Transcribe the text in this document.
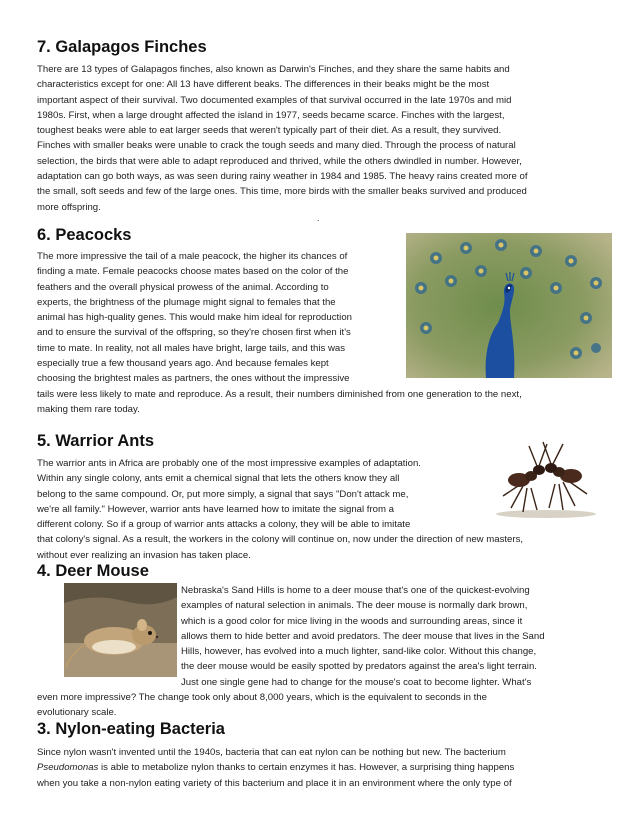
7. Galapagos Finches
There are 13 types of Galapagos finches, also known as Darwin's Finches, and they share the same habits and
characteristics except for one: All 13 have different beaks. The differences in their beaks might be the most
important aspect of their survival. Two documented examples of that survival occurred in the late 1970s and mid
1980s. First, when a large drought affected the island in 1977, seeds became scarce. Finches with the largest,
toughest beaks were able to eat larger seeds that weren't typically part of their diet. As a result, they survived.
Finches with smaller beaks were unable to crack the tough seeds and many died. Through the process of natural
selection, the birds that were able to adapt reproduced and thrived, while the others dwindled in number. However,
adaptation can go both ways, as was seen during rainy weather in 1984 and 1985. The heavy rains created more of
the small, soft seeds and few of the large ones. This time, more birds with the smaller beaks survived and produced
more offspring.
.
6. Peacocks
The more impressive the tail of a male peacock, the higher its chances of
finding a mate. Female peacocks choose mates based on the color of the
feathers and the overall physical prowess of the animal. According to
experts, the brightness of the plumage might signal to females that the
animal has high-quality genes. This would make him ideal for reproduction
and to ensure the survival of the offspring, so they're chosen first when it's
time to mate. In reality, not all males have bright, large tails, and this was
especially true a few thousand years ago. And because females kept
choosing the brightest males as partners, the ones without the impressive
tails were less likely to mate and reproduce. As a result, their numbers diminished from one generation to the next,
making them rare today.
5. Warrior Ants
The warrior ants in Africa are probably one of the most impressive examples of adaptation.
Within any single colony, ants emit a chemical signal that lets the others know they all
belong to the same compound. Or, put more simply, a signal that says "Don't attack me,
we're all family." However, warrior ants have learned how to imitate the signal from a
different colony. So if a group of warrior ants attacks a colony, they will be able to imitate
that colony's signal. As a result, the workers in the colony will continue on, now under the direction of new masters,
without ever realizing an invasion has taken place.
4. Deer Mouse
Nebraska's Sand Hills is home to a deer mouse that's one of the quickest-evolving
examples of natural selection in animals. The deer mouse is normally dark brown,
which is a good color for mice living in the woods and surrounding areas, since it
allows them to hide better and avoid predators. The deer mouse that lives in the Sand
Hills, however, has evolved into a much lighter, sand-like color. Without this change,
the deer mouse would be easily spotted by predators against the area's light terrain.
Just one single gene had to change for the mouse's coat to become lighter. What's
even more impressive? The change took only about 8,000 years, which is the equivalent to seconds in the
evolutionary scale.
3. Nylon-eating Bacteria
Since nylon wasn't invented until the 1940s, bacteria that can eat nylon can be nothing but new. The bacterium
Pseudomonas is able to metabolize nylon thanks to certain enzymes it has. However, a surprising thing happens
when you take a non-nylon eating variety of this bacterium and place it in an environment where the only type of
